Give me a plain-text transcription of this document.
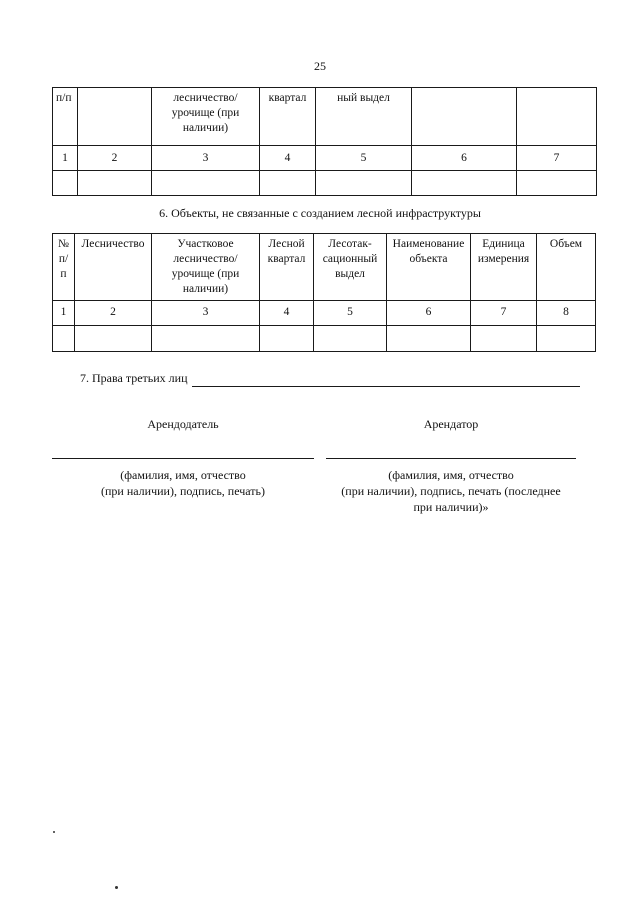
25
п/п		лесничество/ урочище (при наличии)	квартал	ный выдел		
1	2	3	4	5	6	7

6. Объекты, не связанные с созданием лесной инфраструктуры
№ п/п	Лесничество	Участковое лесничество/ урочище (при наличии)	Лесной квартал	Лесотак-сационный выдел	Наименование объекта	Единица измерения	Объем
1	2	3	4	5	6	7	8

7. Права третьих лиц
Арендодатель	Арендатор
(фамилия, имя, отчество
(при наличии), подпись, печать)
(фамилия, имя, отчество
(при наличии), подпись, печать (последнее
при наличии)»
